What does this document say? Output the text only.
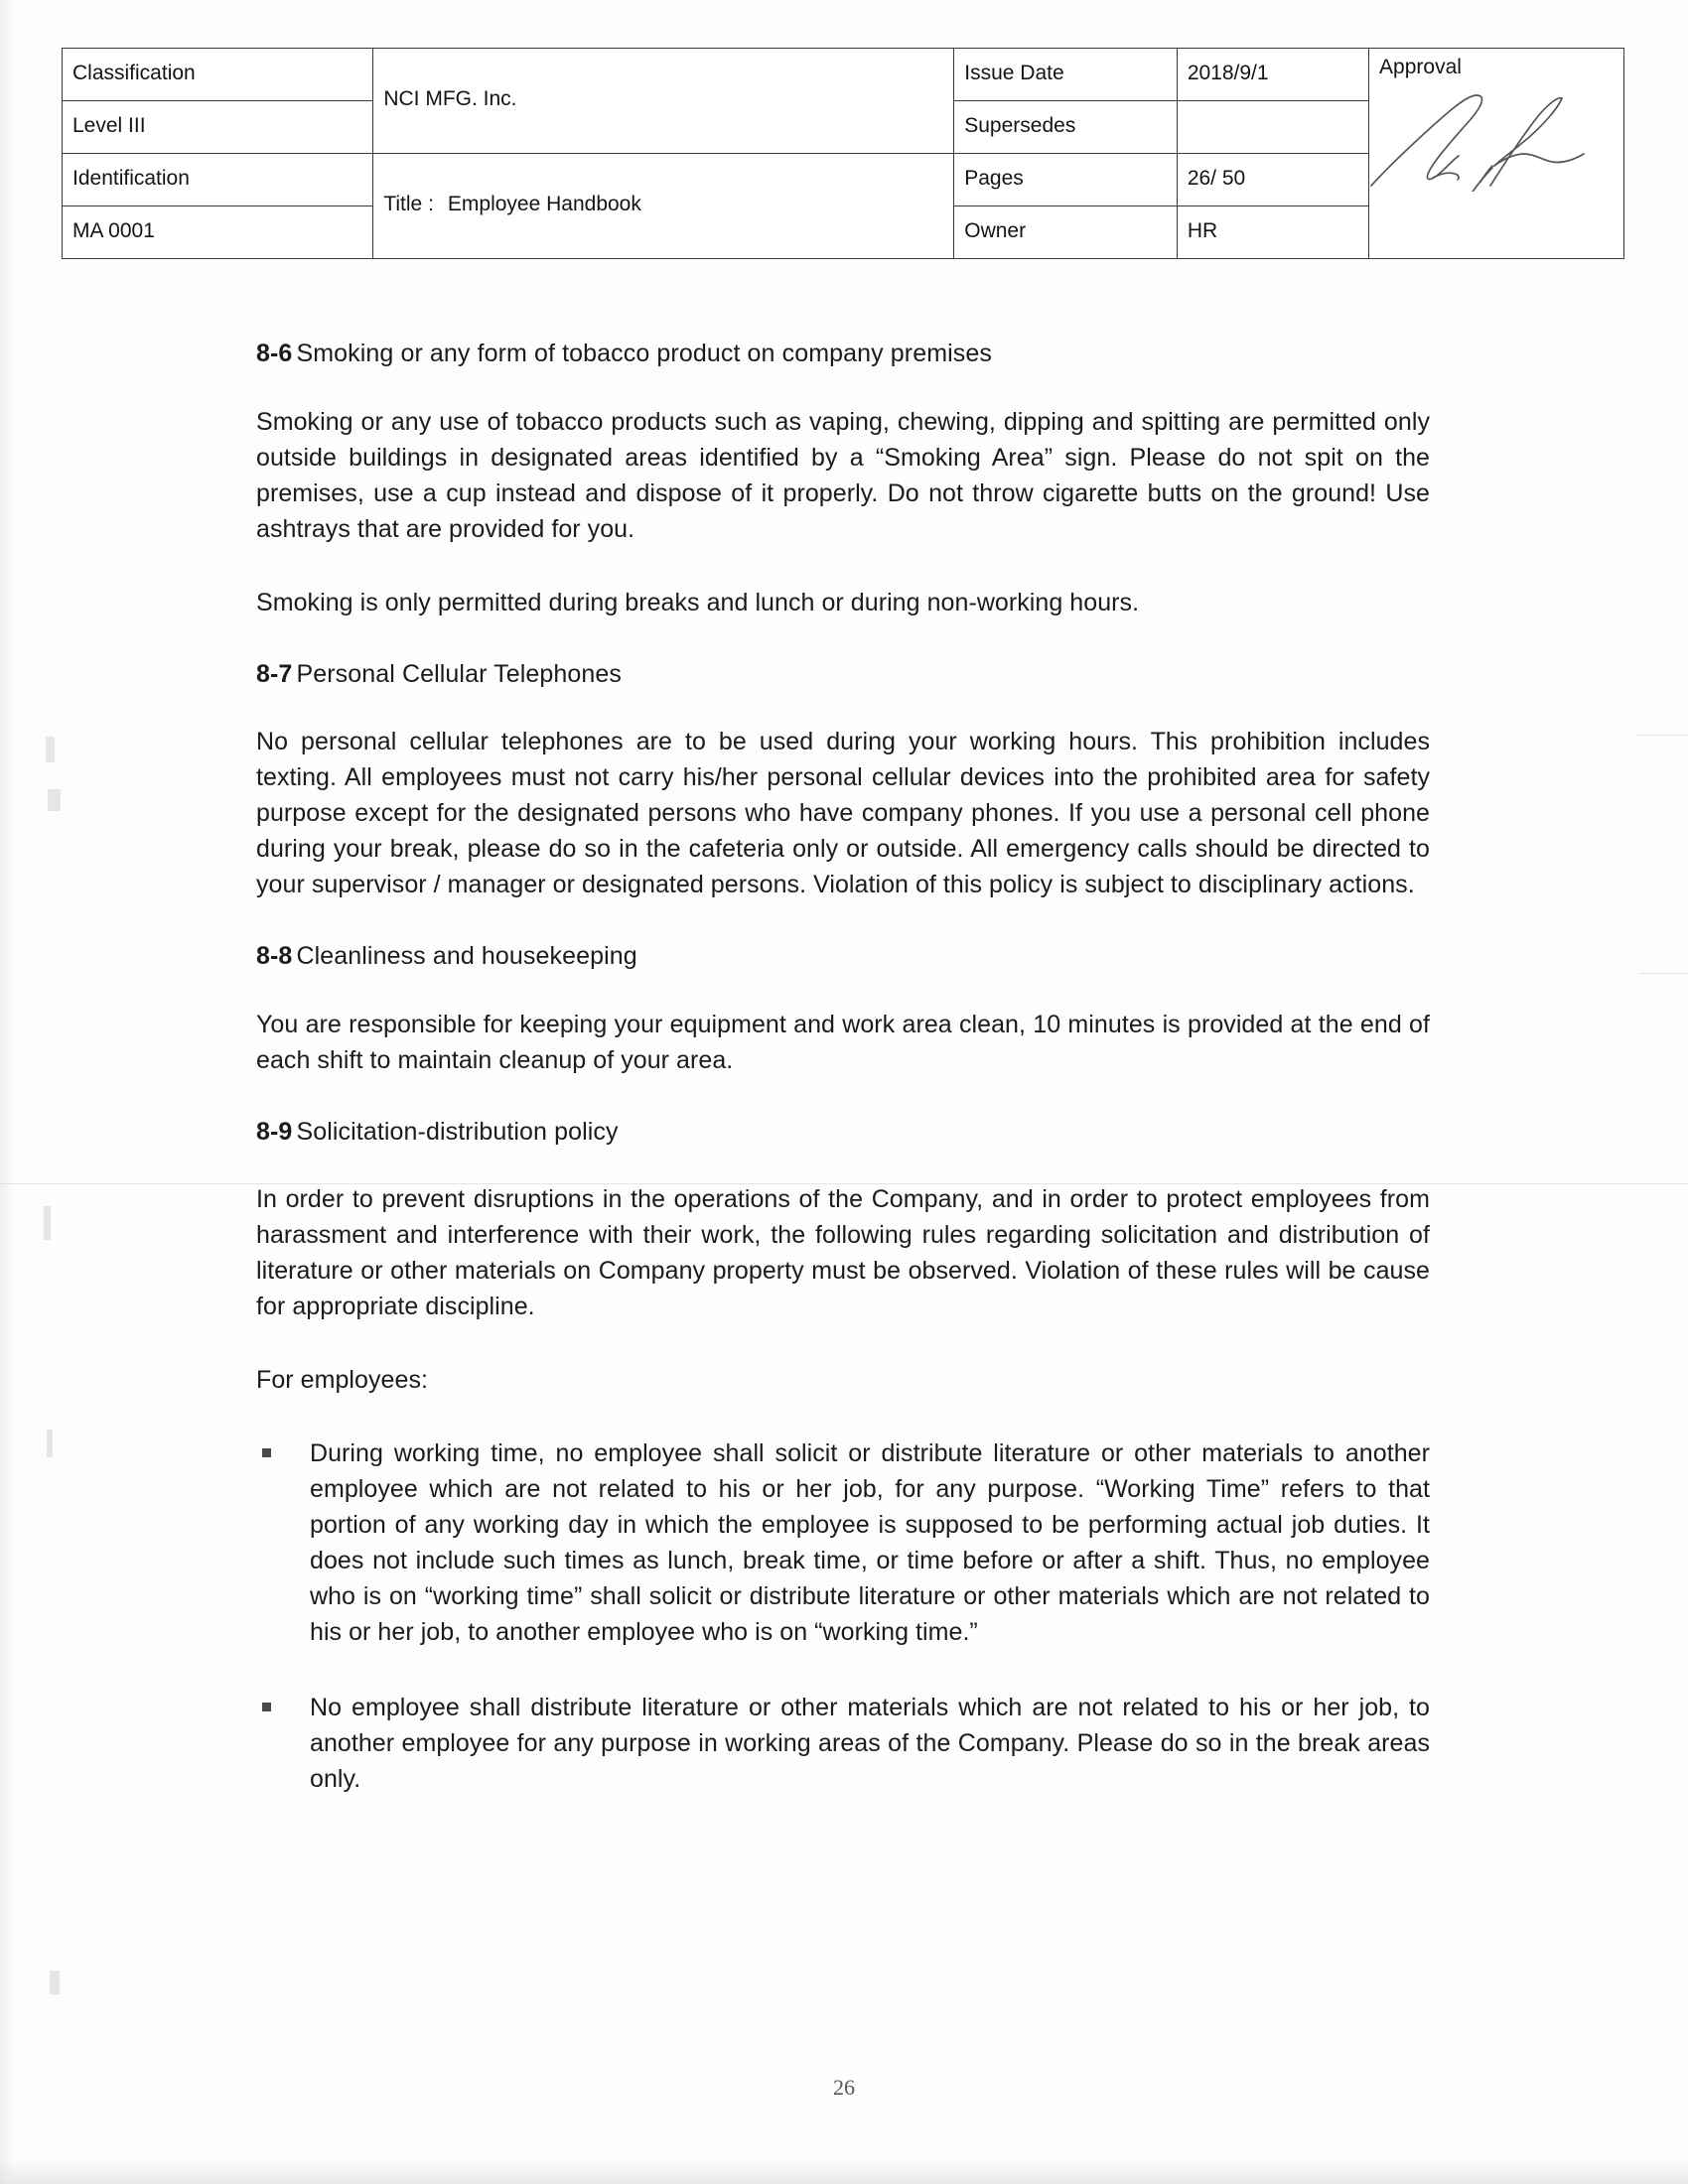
Classification	NCI MFG. Inc.	Issue Date	2018/9/1	Approval

Level III		Supersedes		
Identification	Title : Employee Handbook	Pages	26/ 50	
MA 0001		Owner	HR	

8-6 Smoking or any form of tobacco product on company premises

Smoking or any use of tobacco products such as vaping, chewing, dipping and spitting are permitted only outside buildings in designated areas identified by a “Smoking Area” sign. Please do not spit on the premises, use a cup instead and dispose of it properly. Do not throw cigarette butts on the ground! Use ashtrays that are provided for you.

Smoking is only permitted during breaks and lunch or during non-working hours.

8-7 Personal Cellular Telephones

No personal cellular telephones are to be used during your working hours. This prohibition includes texting. All employees must not carry his/her personal cellular devices into the prohibited area for safety purpose except for the designated persons who have company phones. If you use a personal cell phone during your break, please do so in the cafeteria only or outside. All emergency calls should be directed to your supervisor / manager or designated persons. Violation of this policy is subject to disciplinary actions.

8-8 Cleanliness and housekeeping

You are responsible for keeping your equipment and work area clean, 10 minutes is provided at the end of each shift to maintain cleanup of your area.

8-9 Solicitation-distribution policy

In order to prevent disruptions in the operations of the Company, and in order to protect employees from harassment and interference with their work, the following rules regarding solicitation and distribution of literature or other materials on Company property must be observed. Violation of these rules will be cause for appropriate discipline.

For employees:

During working time, no employee shall solicit or distribute literature or other materials to another employee which are not related to his or her job, for any purpose. “Working Time” refers to that portion of any working day in which the employee is supposed to be performing actual job duties. It does not include such times as lunch, break time, or time before or after a shift. Thus, no employee who is on “working time” shall solicit or distribute literature or other materials which are not related to his or her job, to another employee who is on “working time.”
No employee shall distribute literature or other materials which are not related to his or her job, to another employee for any purpose in working areas of the Company. Please do so in the break areas only.
26
